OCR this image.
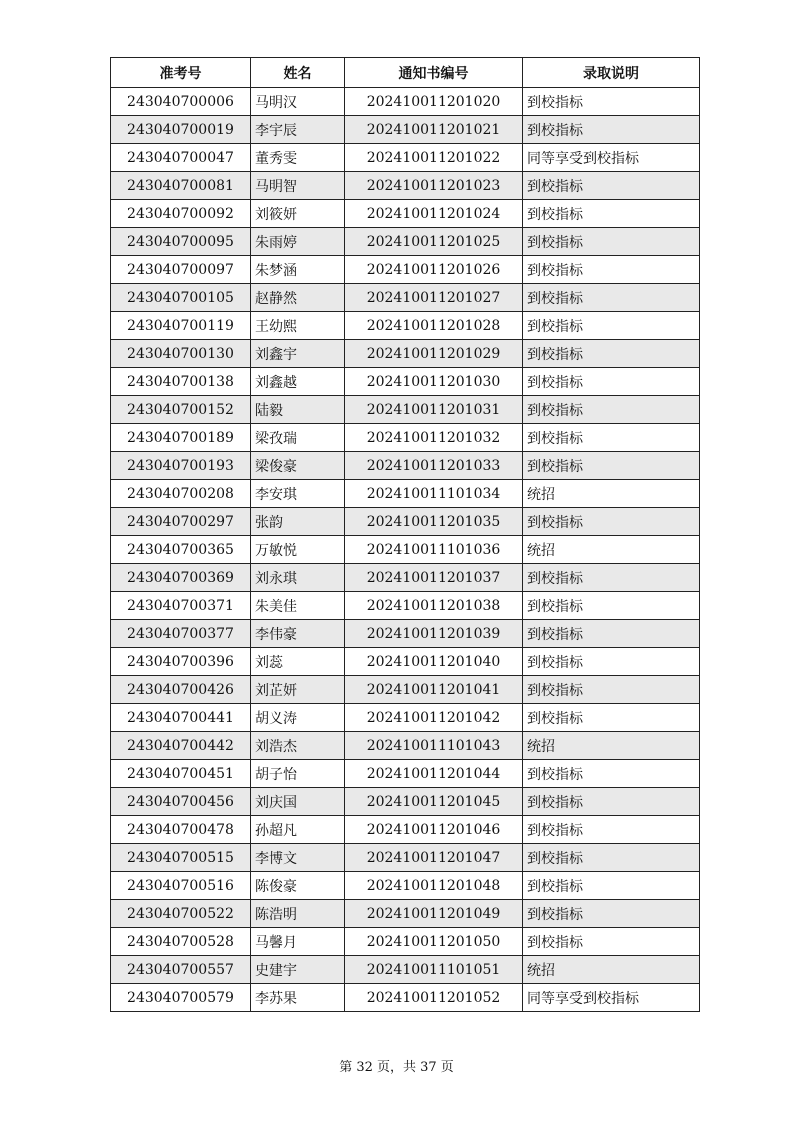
准考号	姓名	通知书编号	录取说明
243040700006	马明汉	202410011201020	到校指标
243040700019	李宇辰	202410011201021	到校指标
243040700047	董秀雯	202410011201022	同等享受到校指标
243040700081	马明智	202410011201023	到校指标
243040700092	刘筱妍	202410011201024	到校指标
243040700095	朱雨婷	202410011201025	到校指标
243040700097	朱梦涵	202410011201026	到校指标
243040700105	赵静然	202410011201027	到校指标
243040700119	王幼熙	202410011201028	到校指标
243040700130	刘鑫宇	202410011201029	到校指标
243040700138	刘鑫越	202410011201030	到校指标
243040700152	陆毅	202410011201031	到校指标
243040700189	梁孜瑞	202410011201032	到校指标
243040700193	梁俊豪	202410011201033	到校指标
243040700208	李安琪	202410011101034	统招
243040700297	张韵	202410011201035	到校指标
243040700365	万敏悦	202410011101036	统招
243040700369	刘永琪	202410011201037	到校指标
243040700371	朱美佳	202410011201038	到校指标
243040700377	李伟豪	202410011201039	到校指标
243040700396	刘蕊	202410011201040	到校指标
243040700426	刘芷妍	202410011201041	到校指标
243040700441	胡义涛	202410011201042	到校指标
243040700442	刘浩杰	202410011101043	统招
243040700451	胡子怡	202410011201044	到校指标
243040700456	刘庆国	202410011201045	到校指标
243040700478	孙超凡	202410011201046	到校指标
243040700515	李博文	202410011201047	到校指标
243040700516	陈俊豪	202410011201048	到校指标
243040700522	陈浩明	202410011201049	到校指标
243040700528	马馨月	202410011201050	到校指标
243040700557	史建宇	202410011101051	统招
243040700579	李苏果	202410011201052	同等享受到校指标
第 32 页，共 37 页
